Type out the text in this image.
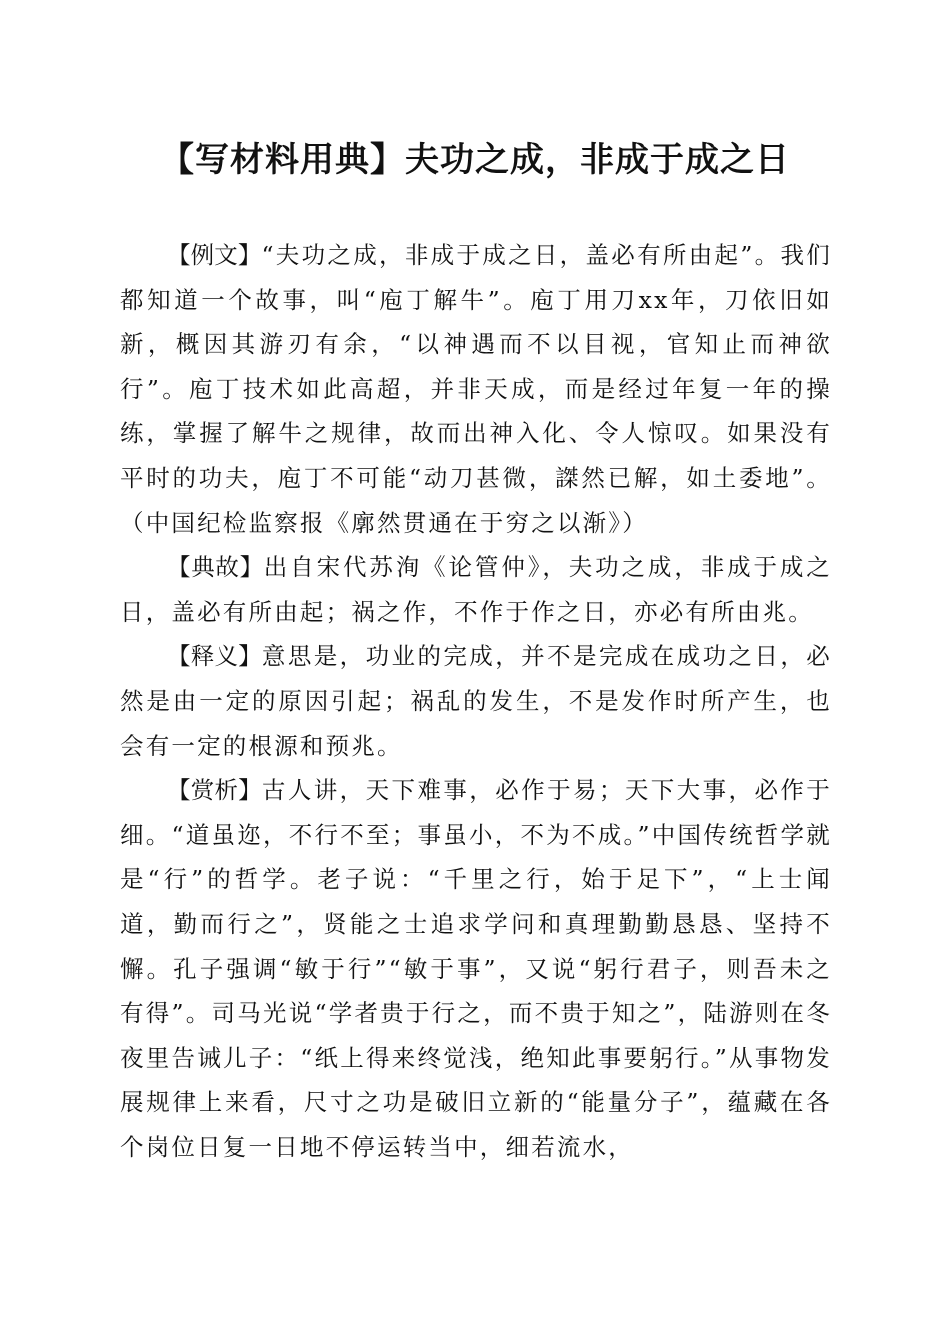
【写材料用典】夫功之成，非成于成之日

【例文】“夫功之成，非成于成之日，盖必有所由起”。我们都知道一个故事，叫“庖丁解牛”。庖丁用刀xx年，刀依旧如新，概因其游刃有余，“以神遇而不以目视，官知止而神欲行”。庖丁技术如此高超，并非天成，而是经过年复一年的操练，掌握了解牛之规律，故而出神入化、令人惊叹。如果没有平时的功夫，庖丁不可能“动刀甚微，謋然已解，如土委地”。（中国纪检监察报《廓然贯通在于穷之以渐》）

【典故】出自宋代苏洵《论管仲》，夫功之成，非成于成之日，盖必有所由起；祸之作，不作于作之日，亦必有所由兆。

【释义】意思是，功业的完成，并不是完成在成功之日，必然是由一定的原因引起；祸乱的发生，不是发作时所产生，也会有一定的根源和预兆。

【赏析】古人讲，天下难事，必作于易；天下大事，必作于细。“道虽迩，不行不至；事虽小，不为不成。”中国传统哲学就是“行”的哲学。老子说：“千里之行，始于足下”，“上士闻道，勤而行之”，贤能之士追求学问和真理勤勤恳恳、坚持不懈。孔子强调“敏于行”“敏于事”，又说“躬行君子，则吾未之有得”。司马光说“学者贵于行之，而不贵于知之”，陆游则在冬夜里告诫儿子：“纸上得来终觉浅，绝知此事要躬行。”从事物发展规律上来看，尺寸之功是破旧立新的“能量分子”，蕴藏在各个岗位日复一日地不停运转当中，细若流水，
